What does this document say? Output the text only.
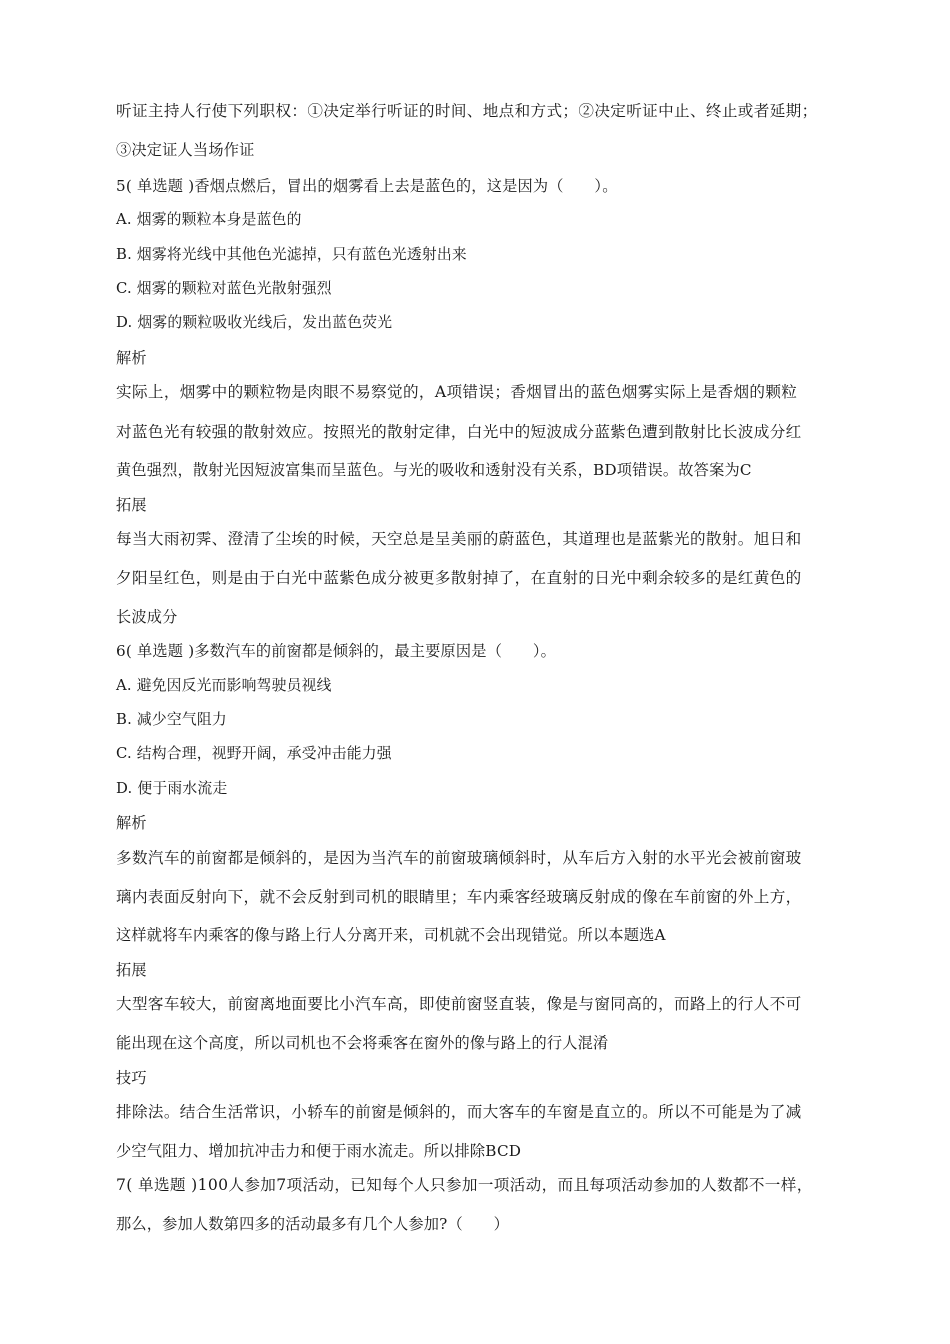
听证主持人行使下列职权：①决定举行听证的时间、地点和方式；②决定听证中止、终止或者延期；
③决定证人当场作证
5( 单选题 )香烟点燃后，冒出的烟雾看上去是蓝色的，这是因为（　　）。
A. 烟雾的颗粒本身是蓝色的
B. 烟雾将光线中其他色光滤掉，只有蓝色光透射出来
C. 烟雾的颗粒对蓝色光散射强烈
D. 烟雾的颗粒吸收光线后，发出蓝色荧光
解析
实际上，烟雾中的颗粒物是肉眼不易察觉的，A项错误；香烟冒出的蓝色烟雾实际上是香烟的颗粒
对蓝色光有较强的散射效应。按照光的散射定律，白光中的短波成分蓝紫色遭到散射比长波成分红
黄色强烈，散射光因短波富集而呈蓝色。与光的吸收和透射没有关系，BD项错误。故答案为C
拓展
每当大雨初霁、澄清了尘埃的时候，天空总是呈美丽的蔚蓝色，其道理也是蓝紫光的散射。旭日和
夕阳呈红色，则是由于白光中蓝紫色成分被更多散射掉了，在直射的日光中剩余较多的是红黄色的
长波成分
6( 单选题 )多数汽车的前窗都是倾斜的，最主要原因是（　　）。
A. 避免因反光而影响驾驶员视线
B. 减少空气阻力
C. 结构合理，视野开阔，承受冲击能力强
D. 便于雨水流走
解析
多数汽车的前窗都是倾斜的，是因为当汽车的前窗玻璃倾斜时，从车后方入射的水平光会被前窗玻
璃内表面反射向下，就不会反射到司机的眼睛里；车内乘客经玻璃反射成的像在车前窗的外上方，
这样就将车内乘客的像与路上行人分离开来，司机就不会出现错觉。所以本题选A
拓展
大型客车较大，前窗离地面要比小汽车高，即使前窗竖直装，像是与窗同高的，而路上的行人不可
能出现在这个高度，所以司机也不会将乘客在窗外的像与路上的行人混淆
技巧
排除法。结合生活常识，小轿车的前窗是倾斜的，而大客车的车窗是直立的。所以不可能是为了减
少空气阻力、增加抗冲击力和便于雨水流走。所以排除BCD
7( 单选题 )100人参加7项活动，已知每个人只参加一项活动，而且每项活动参加的人数都不一样，
那么，参加人数第四多的活动最多有几个人参加?（　　）
